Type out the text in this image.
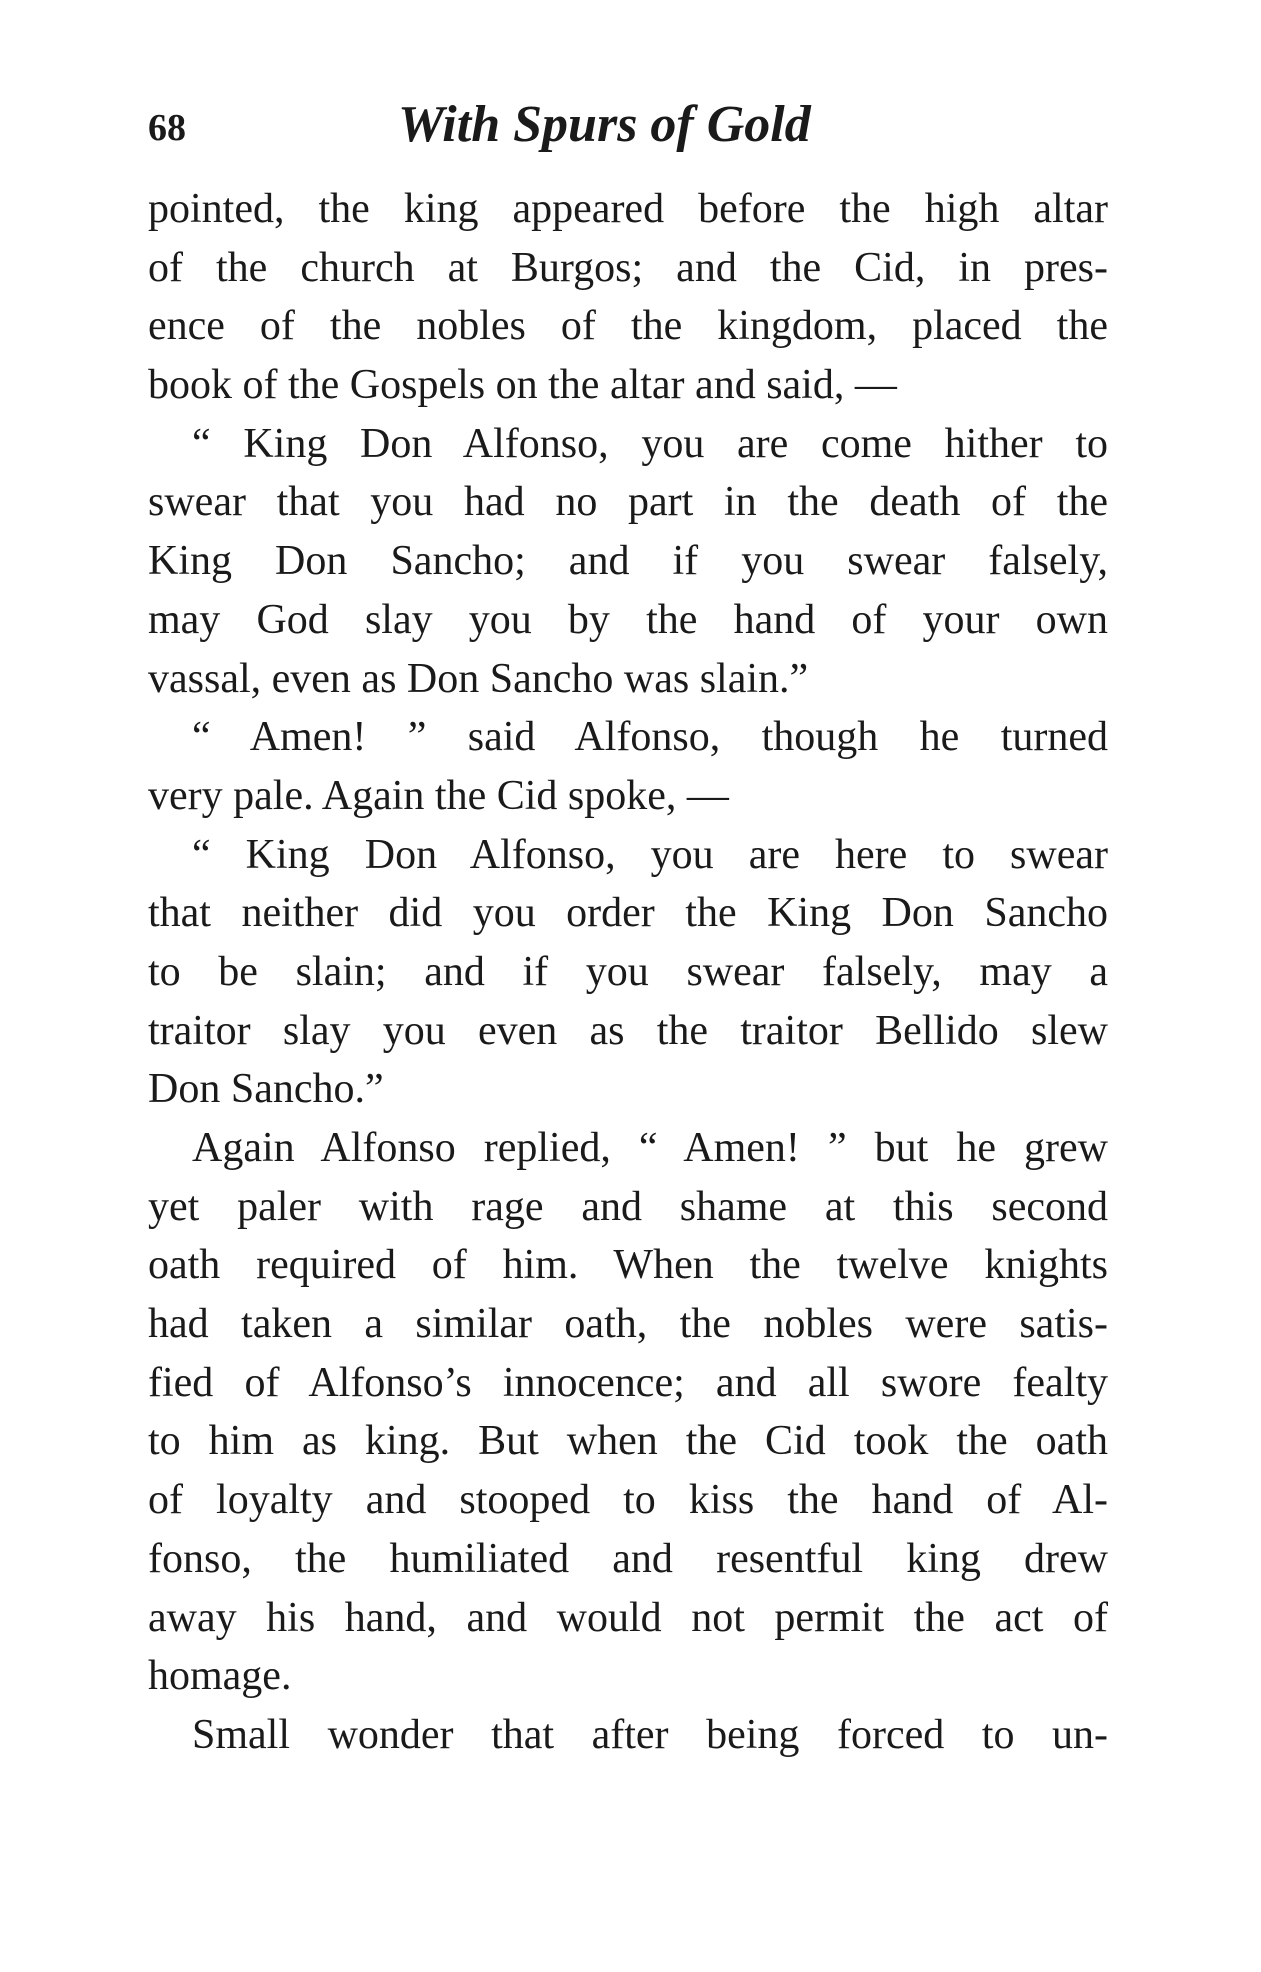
68	With Spurs of Gold
pointed, the king appeared before the high altar
of the church at Burgos; and the Cid, in pres-
ence of the nobles of the kingdom, placed the
book of the Gospels on the altar and said, —
“ King Don Alfonso, you are come hither to
swear that you had no part in the death of the
King Don Sancho; and if you swear falsely,
may God slay you by the hand of your own
vassal, even as Don Sancho was slain.”
“ Amen! ” said Alfonso, though he turned
very pale. Again the Cid spoke, —
“ King Don Alfonso, you are here to swear
that neither did you order the King Don Sancho
to be slain; and if you swear falsely, may a
traitor slay you even as the traitor Bellido slew
Don Sancho.”
Again Alfonso replied, “ Amen! ” but he grew
yet paler with rage and shame at this second
oath required of him. When the twelve knights
had taken a similar oath, the nobles were satis-
fied of Alfonso’s innocence; and all swore fealty
to him as king. But when the Cid took the oath
of loyalty and stooped to kiss the hand of Al-
fonso, the humiliated and resentful king drew
away his hand, and would not permit the act of
homage.
Small wonder that after being forced to un-
